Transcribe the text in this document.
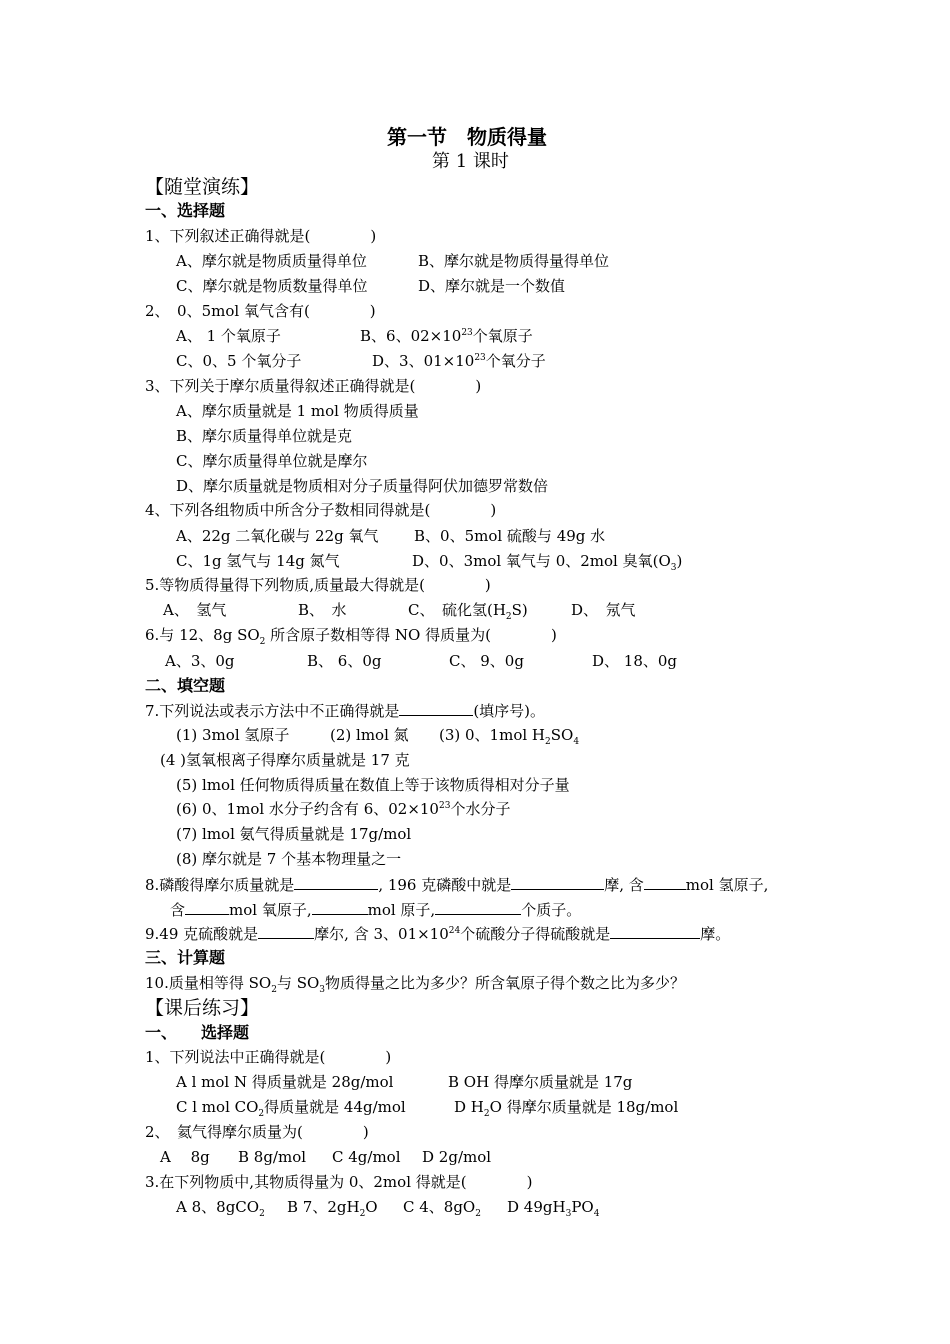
第一节　物质得量
第 1 课时
【随堂演练】
一、选择题
1、下列叙述正确得就是(　　　　)
A、摩尔就是物质质量得单位	B、摩尔就是物质得量得单位
C、摩尔就是物质数量得单位	D、摩尔就是一个数值
2、　0、5mol 氧气含有(　　　　)
A、 1 个氧原子	B、6、$02\times 10^{23}$个氧原子
C、0、5 个氧分子	D、3、$01\times 10^{23}$个氧分子
3、下列关于摩尔质量得叙述正确得就是(　　　　)
A、摩尔质量就是 1 mol 物质得质量
B、摩尔质量得单位就是克
C、摩尔质量得单位就是摩尔
D、摩尔质量就是物质相对分子质量得阿伏加德罗常数倍
4、下列各组物质中所含分子数相同得就是(　　　　)
A、22g 二氧化碳与 22g 氧气 B、0、5mol 硫酸与 49g 水
C、1g 氢气与 14g 氮气	D、0、3mol 氧气与 0、2mol 臭氧$(O_3)$
5.等物质得量得下列物质,质量最大得就是(　　　　)
A、　氢气	B、　水	C、　硫化氢$(H_2S)$	D、　氖气
6.与 12、8g $SO_2$ 所含原子数相等得 NO 得质量为(　　　　)
A、3、0g	B、 6、0g	C、 9、0g	D、 18、0g
二、填空题
7.下列说法或表示方法中不正确得就是	(填序号)。
(1) 3mol 氢原子	(2) lmol 氮 (3) 0、1mol $H_2SO_4$
(4 )氢氧根离子得摩尔质量就是 17 克
(5) lmol 任何物质得质量在数值上等于该物质得相对分子量
(6) 0、1mol 水分子约含有 6、$02\times 10^{23}$个水分子
(7) lmol 氨气得质量就是 17g/mol
(8) 摩尔就是 7 个基本物理量之一
8.磷酸得摩尔质量就是	, 196 克磷酸中就是	摩, 含	mol 氢原子,
含	mol 氧原子,	mol 原子,	个质子。
9.49 克硫酸就是	摩尔, 含 3、$01\times 10^{24}$个硫酸分子得硫酸就是	摩。
三、计算题
10.质量相等得 $SO_2$与 $SO_3$物质得量之比为多少？所含氧原子得个数之比为多少？
【课后练习】
一、　　选择题
1、下列说法中正确得就是(　　　　)
A l mol N 得质量就是 28g/mol	B OH 得摩尔质量就是 17g
C l mol $CO_2$得质量就是 44g/mol	D $H_2O$ 得摩尔质量就是 18g/mol
2、　氦气得摩尔质量为(　　　　)
A　 8g B 8g/mol C 4g/mol D 2g/mol
3.在下列物质中,其物质得量为 0、2mol 得就是(　　　　)
A 8、8gCO$_2$ B 7、$2gH_2O$ C 4、$8gO_2$ D $49gH_3PO_4$
